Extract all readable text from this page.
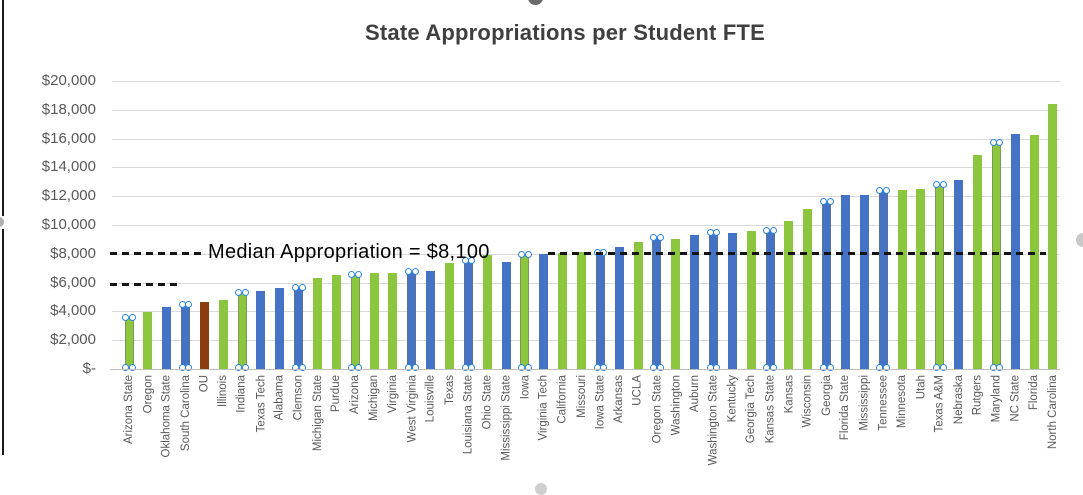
State Appropriations per Student FTE
$20,000
$18,000
$16,000
$14,000
$12,000
$10,000
$8,000
$6,000
$4,000
$2,000
$-
Arizona State Oregon Oklahoma State South Carolina OU Illinois Indiana Texas Tech Alabama Clemson Michigan State Purdue Arizona Michigan Virginia West Virginia Louisville Texas Louisiana State Ohio State Mississippi State Iowa Virginia Tech California Missouri Iowa State Arkansas UCLA Oregon State Washington Auburn Washington State Kentucky Georgia Tech Kansas State Kansas Wisconsin Georgia Florida State Mississippi Tennessee Minnesota Utah Texas A&M Nebraska Rutgers Maryland NC State Florida North Carolina
Median Appropriation = $8,100
